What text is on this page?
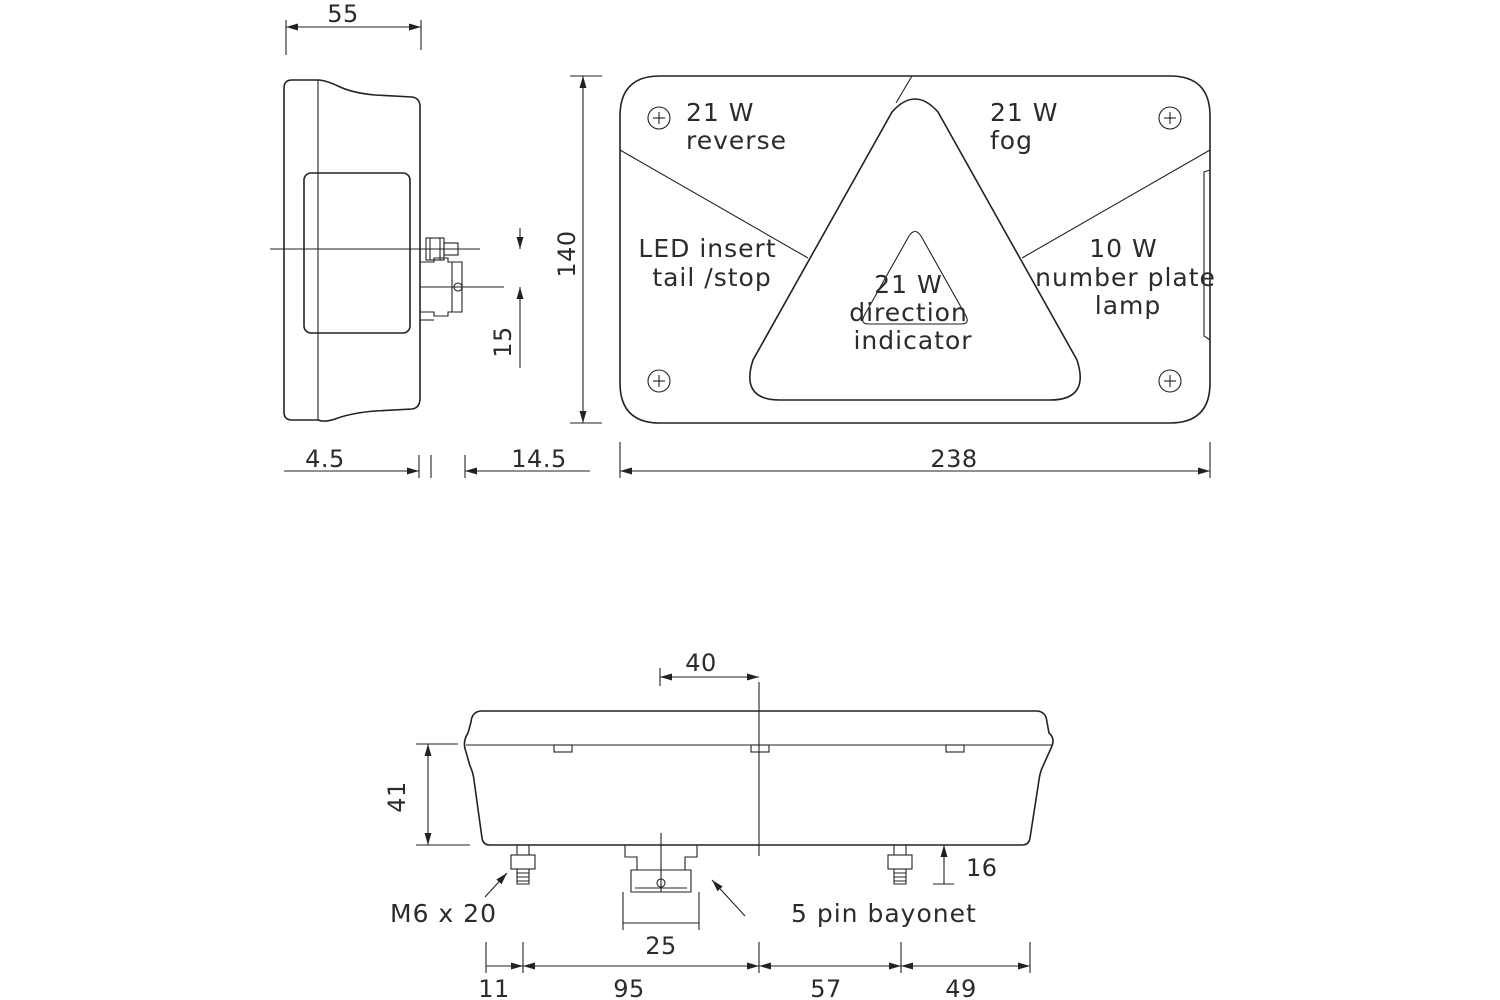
55
15
4.5	14.5
140
21 W reverse
21 W fog
LED insert tail /stop
10 W number plate lamp
21 W direction indicator
238
40
41
16
M6 x 20	5 pin bayonet
25
11	95	57	49
